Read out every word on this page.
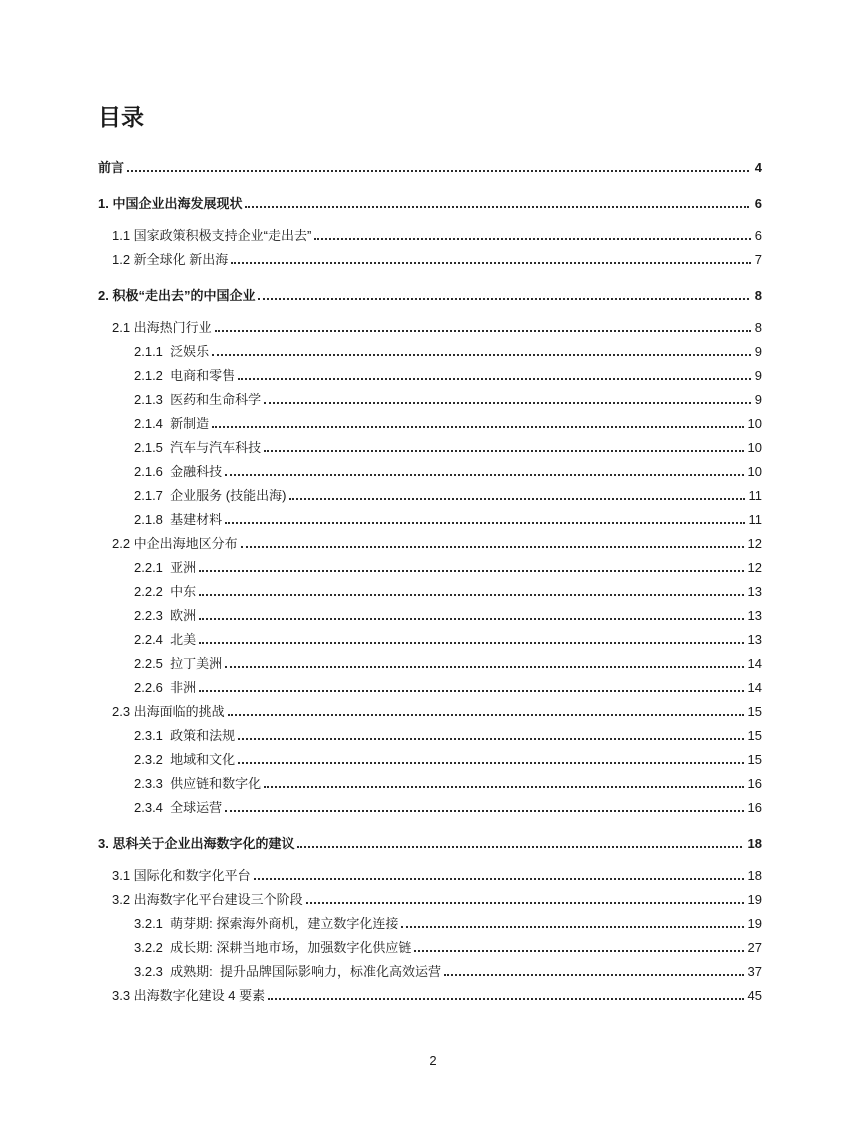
目录
前言	4
1. 中国企业出海发展现状	6
1.1 国家政策积极支持企业“走出去”	6
1.2 新全球化 新出海	7
2. 积极“走出去”的中国企业	8
2.1 出海热门行业	8
2.1.1  泛娱乐	9
2.1.2  电商和零售	9
2.1.3  医药和生命科学	9
2.1.4  新制造	10
2.1.5  汽车与汽车科技	10
2.1.6  金融科技	10
2.1.7  企业服务 (技能出海)	11
2.1.8  基建材料	11
2.2 中企出海地区分布	12
2.2.1  亚洲	12
2.2.2  中东	13
2.2.3  欧洲	13
2.2.4  北美	13
2.2.5  拉丁美洲	14
2.2.6  非洲	14
2.3 出海面临的挑战	15
2.3.1  政策和法规	15
2.3.2  地域和文化	15
2.3.3  供应链和数字化	16
2.3.4  全球运营	16
3. 思科关于企业出海数字化的建议	18
3.1 国际化和数字化平台	18
3.2 出海数字化平台建设三个阶段	19
3.2.1  萌芽期: 探索海外商机，建立数字化连接	19
3.2.2  成长期: 深耕当地市场，加强数字化供应链	27
3.2.3  成熟期:  提升品牌国际影响力，标准化高效运营	37
3.3 出海数字化建设 4 要素	45
2
